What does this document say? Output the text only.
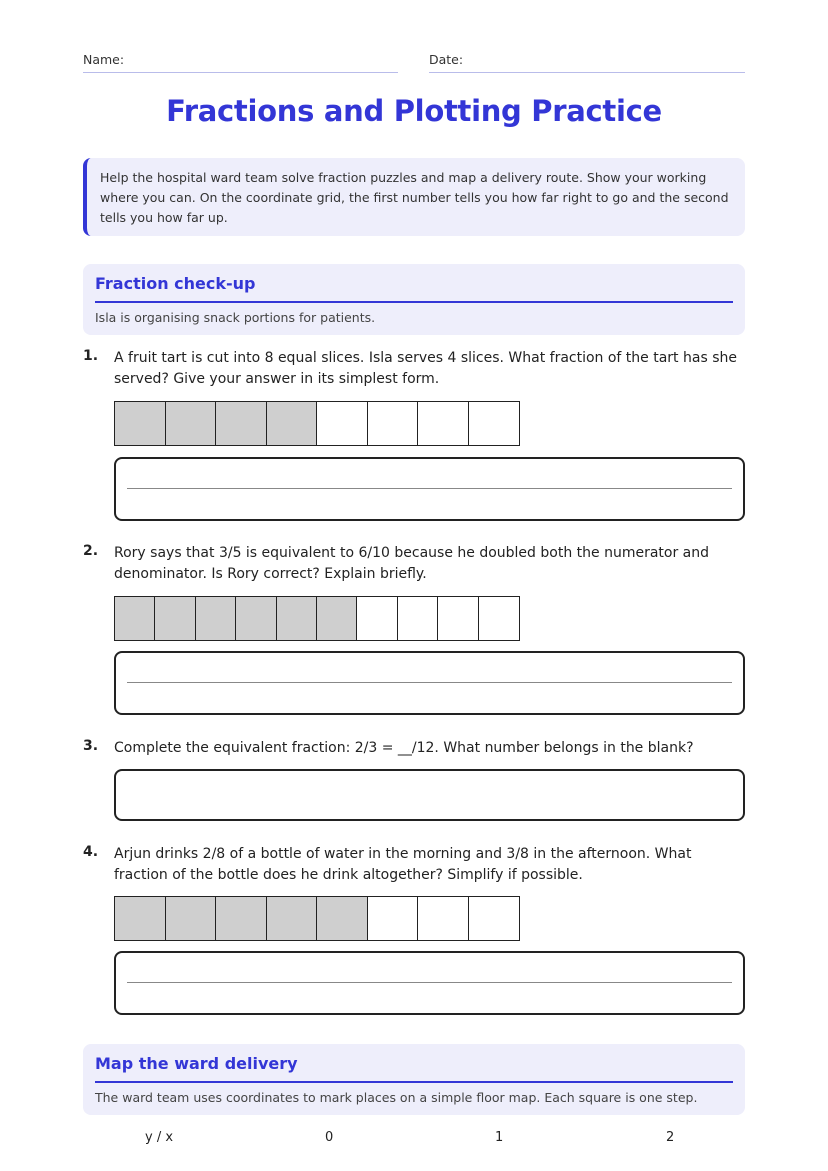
Name:	Date:
Fractions and Plotting Practice
Help the hospital ward team solve fraction puzzles and map a delivery route. Show your working where you can. On the coordinate grid, the first number tells you how far right to go and the second tells you how far up.
Fraction check-up
Isla is organising snack portions for patients.
1. A fruit tart is cut into 8 equal slices. Isla serves 4 slices. What fraction of the tart has she served? Give your answer in its simplest form.
2. Rory says that 3/5 is equivalent to 6/10 because he doubled both the numerator and denominator. Is Rory correct? Explain briefly.
3. Complete the equivalent fraction: 2/3 = __/12. What number belongs in the blank?
4. Arjun drinks 2/8 of a bottle of water in the morning and 3/8 in the afternoon. What fraction of the bottle does he drink altogether? Simplify if possible.
Map the ward delivery
The ward team uses coordinates to mark places on a simple floor map. Each square is one step.
y / x	0	1	2
